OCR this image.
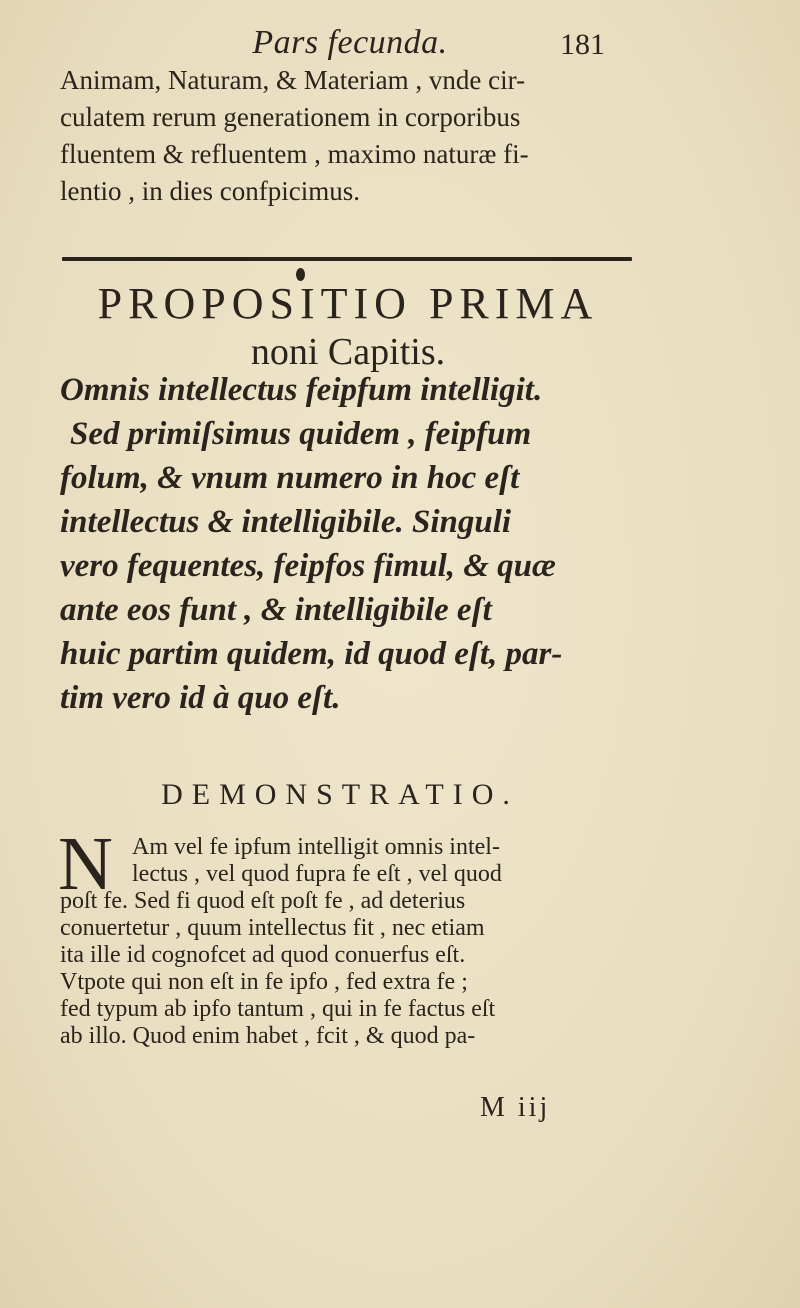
Pars fecunda.	181
Animam, Naturam, & Materiam , vnde cir-
culatem rerum generationem in corporibus
fluentem & refluentem , maximo naturæ fi-
lentio , in dies confpicimus.
PROPOSITIO PRIMA
noni Capitis.
Omnis intellectus feipfum intelligit.
Sed primiſsimus quidem , feipfum
folum, & vnum numero in hoc eſt
intellectus & intelligibile. Singuli
vero fequentes, feipfos fimul, & quæ
ante eos funt , & intelligibile eſt
huic partim quidem, id quod eſt, par-
tim vero id à quo eſt.
DEMONSTRATIO.
N Am vel fe ipfum intelligit omnis intel-
lectus , vel quod fupra fe eſt , vel quod
poſt fe. Sed fi quod eſt poſt fe , ad deterius
conuertetur , quum intellectus fit , nec etiam
ita ille id cognofcet ad quod conuerfus eſt.
Vtpote qui non eſt in fe ipfo , fed extra fe ;
fed typum ab ipfo tantum , qui in fe factus eſt
ab illo. Quod enim habet , fcit , & quod pa-
M iij
